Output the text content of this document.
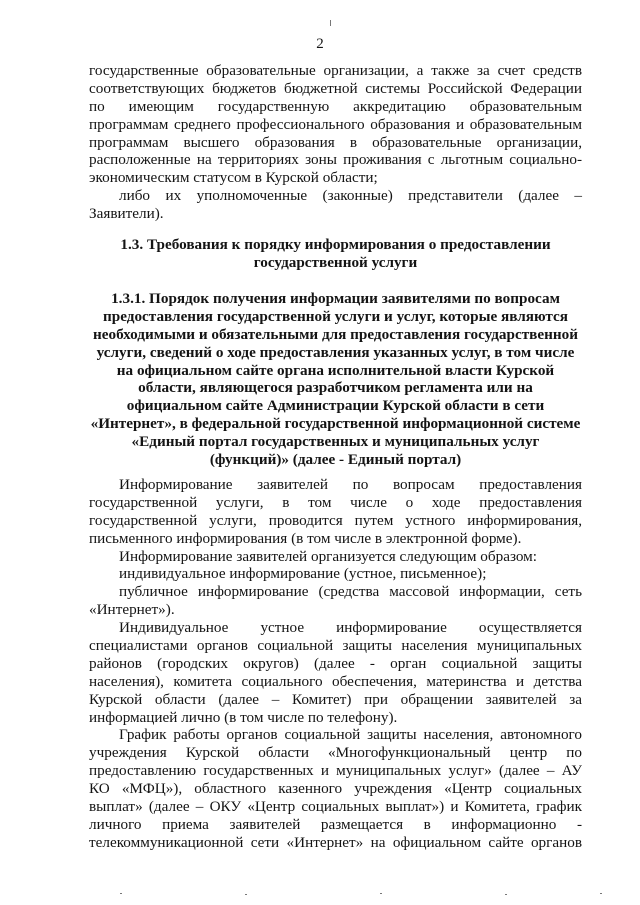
2
государственные образовательные организации, а также за счет средств
соответствующих бюджетов бюджетной системы Российской Федерации
по имеющим государственную аккредитацию образовательным
программам среднего профессионального образования и образовательным
программам высшего образования в образовательные организации,
расположенные на территориях зоны проживания с льготным социально-
экономическим статусом в Курской области;
либо их уполномоченные (законные) представители (далее –
Заявители).
1.3. Требования к порядку информирования о предоставлении
государственной услуги
1.3.1. Порядок получения информации заявителями по вопросам
предоставления государственной услуги и услуг, которые являются
необходимыми и обязательными для предоставления государственной
услуги, сведений о ходе предоставления указанных услуг, в том числе
на официальном сайте органа исполнительной власти Курской
области, являющегося разработчиком регламента или на
официальном сайте Администрации Курской области в сети
«Интернет», в федеральной государственной информационной системе
«Единый портал государственных и муниципальных услуг
(функций)» (далее - Единый портал)
Информирование заявителей по вопросам предоставления
государственной услуги, в том числе о ходе предоставления
государственной услуги, проводится путем устного информирования,
письменного информирования (в том числе в электронной форме).
Информирование заявителей организуется следующим образом:
индивидуальное информирование (устное, письменное);
публичное информирование (средства массовой информации, сеть
«Интернет»).
Индивидуальное устное информирование осуществляется
специалистами органов социальной защиты населения муниципальных
районов (городских округов) (далее - орган социальной защиты
населения), комитета социального обеспечения, материнства и детства
Курской области (далее – Комитет) при обращении заявителей за
информацией лично (в том числе по телефону).
График работы органов социальной защиты населения, автономного
учреждения Курской области «Многофункциональный центр по
предоставлению государственных и муниципальных услуг» (далее – АУ
КО «МФЦ»), областного казенного учреждения «Центр социальных
выплат» (далее – ОКУ «Центр социальных выплат») и Комитета, график
личного приема заявителей размещается в информационно -
телекоммуникационной сети «Интернет» на официальном сайте органов
